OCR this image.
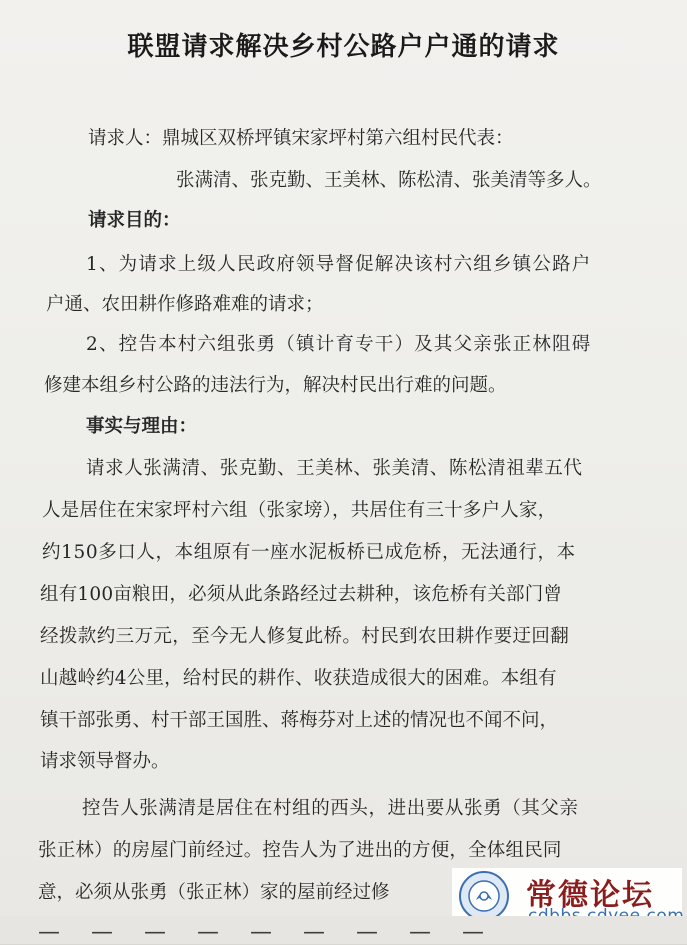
联盟请求解决乡村公路户户通的请求
请求人：鼎城区双桥坪镇宋家坪村第六组村民代表：
张满清、张克勤、王美林、陈松清、张美清等多人。
请求目的：
1、为请求上级人民政府领导督促解决该村六组乡镇公路户
户通、农田耕作修路难难的请求；
2、控告本村六组张勇（镇计育专干）及其父亲张正林阻碍
修建本组乡村公路的违法行为，解决村民出行难的问题。
事实与理由：
请求人张满清、张克勤、王美林、张美清、陈松清祖辈五代
人是居住在宋家坪村六组（张家塝），共居住有三十多户人家，
约150多口人，本组原有一座水泥板桥已成危桥，无法通行，本
组有100亩粮田，必须从此条路经过去耕种，该危桥有关部门曾
经拨款约三万元，至今无人修复此桥。村民到农田耕作要迂回翻
山越岭约4公里，给村民的耕作、收获造成很大的困难。本组有
镇干部张勇、村干部王国胜、蒋梅芬对上述的情况也不闻不问，
请求领导督办。
控告人张满清是居住在村组的西头，进出要从张勇（其父亲
张正林）的房屋门前经过。控告人为了进出的方便，全体组民同
意，必须从张勇（张正林）家的屋前经过修	常德论坛
— — — — — — — — —
